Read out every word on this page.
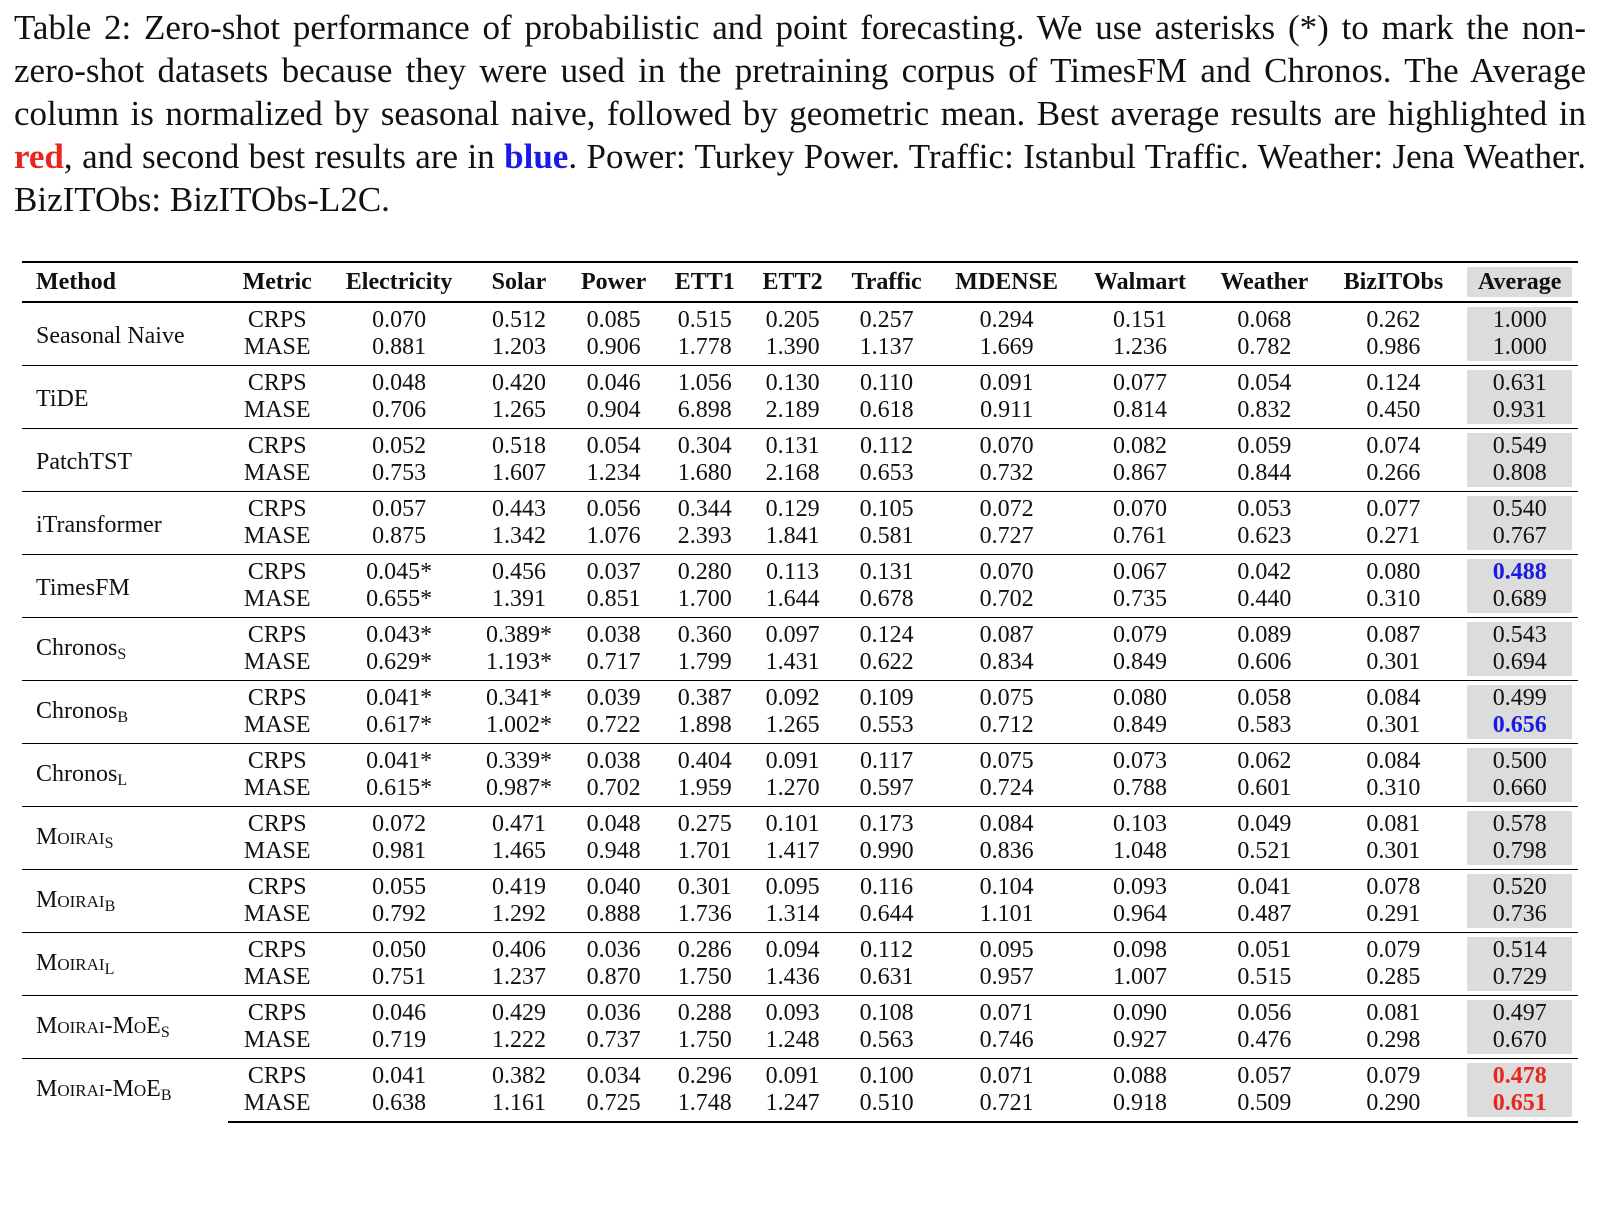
Table 2: Zero-shot performance of probabilistic and point forecasting. We use asterisks (*) to mark the non-zero-shot datasets because they were used in the pretraining corpus of TimesFM and Chronos. The Average column is normalized by seasonal naive, followed by geometric mean. Best average results are highlighted in red, and second best results are in blue. Power: Turkey Power. Traffic: Istanbul Traffic. Weather: Jena Weather. BizITObs: BizITObs-L2C.
Method	Metric	Electricity	Solar	Power	ETT1	ETT2	Traffic	MDENSE	Walmart	Weather	BizITObs	Average
Seasonal Naive	CRPS	0.070	0.512	0.085	0.515	0.205	0.257	0.294	0.151	0.068	0.262	1.000
	MASE	0.881	1.203	0.906	1.778	1.390	1.137	1.669	1.236	0.782	0.986	1.000
TiDE	CRPS	0.048	0.420	0.046	1.056	0.130	0.110	0.091	0.077	0.054	0.124	0.631
	MASE	0.706	1.265	0.904	6.898	2.189	0.618	0.911	0.814	0.832	0.450	0.931
PatchTST	CRPS	0.052	0.518	0.054	0.304	0.131	0.112	0.070	0.082	0.059	0.074	0.549
	MASE	0.753	1.607	1.234	1.680	2.168	0.653	0.732	0.867	0.844	0.266	0.808
iTransformer	CRPS	0.057	0.443	0.056	0.344	0.129	0.105	0.072	0.070	0.053	0.077	0.540
	MASE	0.875	1.342	1.076	2.393	1.841	0.581	0.727	0.761	0.623	0.271	0.767
TimesFM	CRPS	0.045*	0.456	0.037	0.280	0.113	0.131	0.070	0.067	0.042	0.080	0.488
	MASE	0.655*	1.391	0.851	1.700	1.644	0.678	0.702	0.735	0.440	0.310	0.689
Chronos$_S$	CRPS	0.043*	0.389*	0.038	0.360	0.097	0.124	0.087	0.079	0.089	0.087	0.543
	MASE	0.629*	1.193*	0.717	1.799	1.431	0.622	0.834	0.849	0.606	0.301	0.694
Chronos$_B$	CRPS	0.041*	0.341*	0.039	0.387	0.092	0.109	0.075	0.080	0.058	0.084	0.499
	MASE	0.617*	1.002*	0.722	1.898	1.265	0.553	0.712	0.849	0.583	0.301	0.656
Chronos$_L$	CRPS	0.041*	0.339*	0.038	0.404	0.091	0.117	0.075	0.073	0.062	0.084	0.500
	MASE	0.615*	0.987*	0.702	1.959	1.270	0.597	0.724	0.788	0.601	0.310	0.660
Moirai$_S$	CRPS	0.072	0.471	0.048	0.275	0.101	0.173	0.084	0.103	0.049	0.081	0.578
	MASE	0.981	1.465	0.948	1.701	1.417	0.990	0.836	1.048	0.521	0.301	0.798
Moirai$_B$	CRPS	0.055	0.419	0.040	0.301	0.095	0.116	0.104	0.093	0.041	0.078	0.520
	MASE	0.792	1.292	0.888	1.736	1.314	0.644	1.101	0.964	0.487	0.291	0.736
Moirai$_L$	CRPS	0.050	0.406	0.036	0.286	0.094	0.112	0.095	0.098	0.051	0.079	0.514
	MASE	0.751	1.237	0.870	1.750	1.436	0.631	0.957	1.007	0.515	0.285	0.729
Moirai-MoE$_S$	CRPS	0.046	0.429	0.036	0.288	0.093	0.108	0.071	0.090	0.056	0.081	0.497
	MASE	0.719	1.222	0.737	1.750	1.248	0.563	0.746	0.927	0.476	0.298	0.670
Moirai-MoE$_B$	CRPS	0.041	0.382	0.034	0.296	0.091	0.100	0.071	0.088	0.057	0.079	0.478
	MASE	0.638	1.161	0.725	1.748	1.247	0.510	0.721	0.918	0.509	0.290	0.651
